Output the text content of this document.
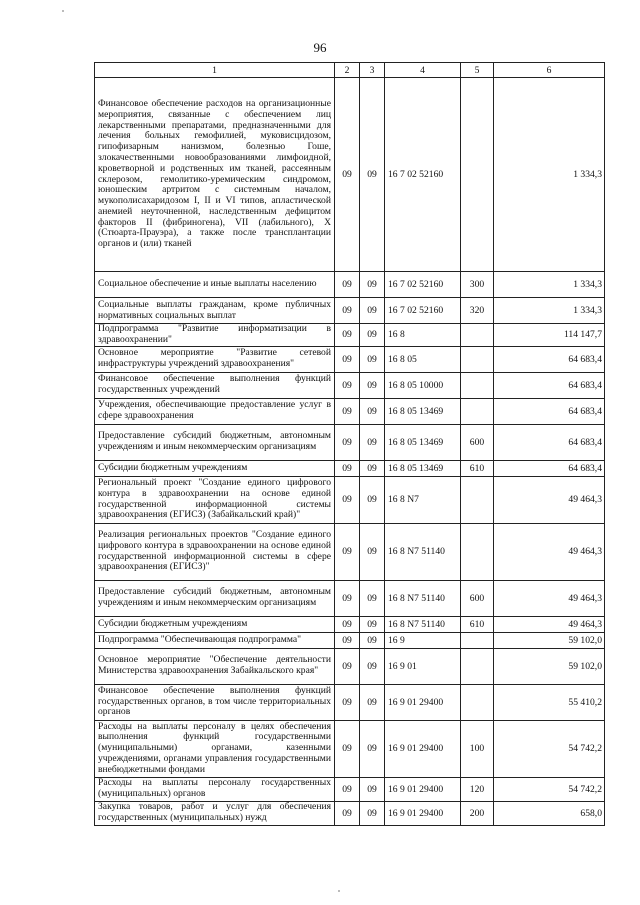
96
1	2	3	4	5	6
Финансовое обеспечение расходов на организационные мероприятия, связанные с обеспечением лиц лекарственными препаратами, предназначенными для лечения больных гемофилией, муковисцидозом, гипофизарным нанизмом, болезнью Гоше, злокачественными новообразованиями лимфоидной, кроветворной и родственных им тканей, рассеянным склерозом, гемолитико-уремическим синдромом, юношеским артритом с системным началом, мукополисахаридозом I, II и VI типов, апластической анемией неуточненной, наследственным дефицитом факторов II (фибриногена), VII (лабильного), X (Стюарта-Прауэра), а также после трансплантации органов и (или) тканей	09	09	16 7 02 52160		1 334,3
Социальное обеспечение и иные выплаты населению	09	09	16 7 02 52160	300	1 334,3
Социальные выплаты гражданам, кроме публичных нормативных социальных выплат	09	09	16 7 02 52160	320	1 334,3
Подпрограмма "Развитие информатизации в здравоохранении"	09	09	16 8		114 147,7
Основное мероприятие "Развитие сетевой инфраструктуры учреждений здравоохранения"	09	09	16 8 05		64 683,4
Финансовое обеспечение выполнения функций государственных учреждений	09	09	16 8 05 10000		64 683,4
Учреждения, обеспечивающие предоставление услуг в сфере здравоохранения	09	09	16 8 05 13469		64 683,4
Предоставление субсидий бюджетным, автономным учреждениям и иным некоммерческим организациям	09	09	16 8 05 13469	600	64 683,4
Субсидии бюджетным учреждениям	09	09	16 8 05 13469	610	64 683,4
Региональный проект "Создание единого цифрового контура в здравоохранении на основе единой государственной информационной системы здравоохранения (ЕГИСЗ) (Забайкальский край)"	09	09	16 8 N7		49 464,3
Реализация региональных проектов "Создание единого цифрового контура в здравоохранении на основе единой государственной информационной системы в сфере здравоохранения (ЕГИСЗ)"	09	09	16 8 N7 51140		49 464,3
Предоставление субсидий бюджетным, автономным учреждениям и иным некоммерческим организациям	09	09	16 8 N7 51140	600	49 464,3
Субсидии бюджетным учреждениям	09	09	16 8 N7 51140	610	49 464,3
Подпрограмма "Обеспечивающая подпрограмма"	09	09	16 9		59 102,0
Основное мероприятие "Обеспечение деятельности Министерства здравоохранения Забайкальского края"	09	09	16 9 01		59 102,0
Финансовое обеспечение выполнения функций государственных органов, в том числе территориальных органов	09	09	16 9 01 29400		55 410,2
Расходы на выплаты персоналу в целях обеспечения выполнения функций государственными (муниципальными) органами, казенными учреждениями, органами управления государственными внебюджетными фондами	09	09	16 9 01 29400	100	54 742,2
Расходы на выплаты персоналу государственных (муниципальных) органов	09	09	16 9 01 29400	120	54 742,2
Закупка товаров, работ и услуг для обеспечения государственных (муниципальных) нужд	09	09	16 9 01 29400	200	658,0
